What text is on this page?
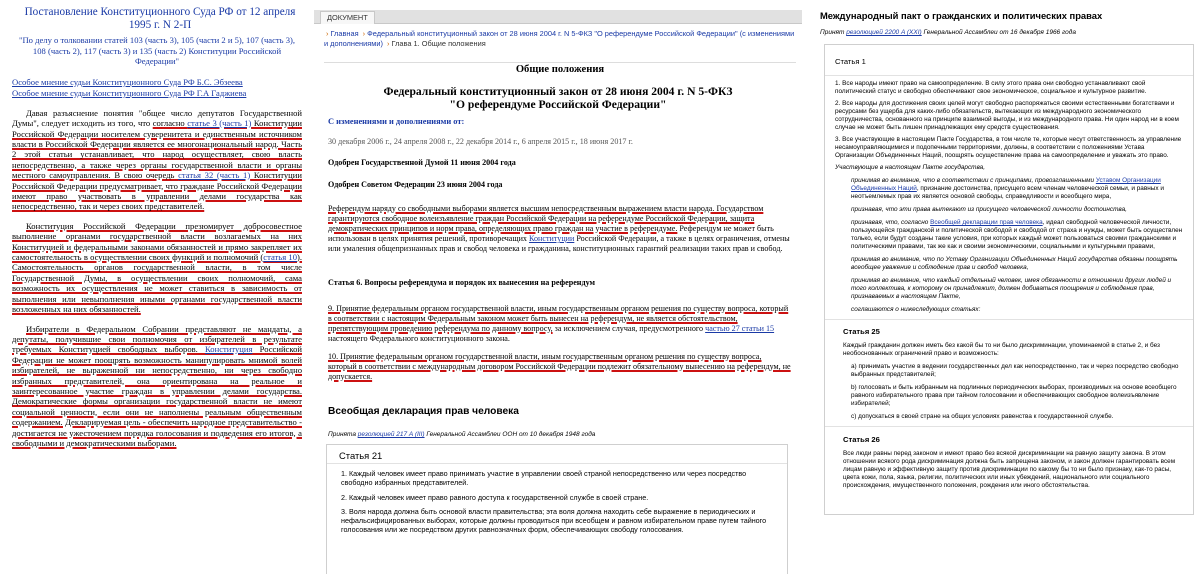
Постановление Конституционного Суда РФ от 12 апреля 1995 г. N 2-П
"По делу о толковании статей 103 (часть 3), 105 (части 2 и 5), 107 (часть 3), 108 (часть 2), 117 (часть 3) и 135 (часть 2) Конституции Российской Федерации"
Особое мнение судьи Конституционного Суда РФ Б.С. Эбзеева
Особое мнение судьи Конституционного Суда РФ Г.А Гаджиева

Давая разъяснение понятия "общее число депутатов Государственной Думы", следует исходить из того, что согласно статье 3 (часть 1) Конституции Российской Федерации носителем суверенитета и единственным источником власти в Российской Федерации является ее многонациональный народ. Часть 2 этой статьи устанавливает, что народ осуществляет, свою власть непосредственно, а также через органы государственной власти и органы местного самоуправления. В свою очередь статья 32 (часть 1) Конституции Российской Федерации предусматривает, что граждане Российской Федерации имеют право участвовать в управлении делами государства как непосредственно, так и через своих представителей.

Конституция Российской Федерации презюмирует добросовестное выполнение органами государственной власти возлагаемых на них Конституцией и федеральными законами обязанностей и прямо закрепляет их самостоятельность в осуществлении своих функций и полномочий (статья 10). Самостоятельность органов государственной власти, в том числе Государственной Думы, в осуществлении своих полномочий, сама возможность их осуществления не может ставиться в зависимость от выполнения или невыполнения иными органами государственной власти возложенных на них обязанностей.

Избиратели в Федеральном Собрании представляют не мандаты, а депутаты, получившие свои полномочия от избирателей в результате требуемых Конституцией свободных выборов. Конституция Российской Федерации не может поощрять возможность манипулировать мнимой волей избирателей, не выраженной ни непосредственно, ни через свободно избранных представителей, она ориентирована на реальное и заинтересованное участие граждан в управлении делами государства. Демократические формы организации государственной власти не имеют социальной ценности, если они не наполнены реальным общественным содержанием. Декларируемая цель - обеспечить народное представительство - достигается не ужесточением порядка голосования и подведения его итогов, а свободными и демократическими выборами.

ДОКУМЕНТ
› Главная › Федеральный конституционный закон от 28 июня 2004 г. N 5-ФКЗ "О референдуме Российской Федерации" (с изменениями и дополнениями) › Глава 1. Общие положения
Общие положения
Федеральный конституционный закон от 28 июня 2004 г. N 5-ФКЗ
"О референдуме Российской Федерации"
С изменениями и дополнениями от:
30 декабря 2006 г., 24 апреля 2008 г., 22 декабря 2014 г., 6 апреля 2015 г., 18 июня 2017 г.
Одобрен Государственной Думой 11 июня 2004 года
Одобрен Советом Федерации 23 июня 2004 года
Референдум наряду со свободными выборами является высшим непосредственным выражением власти народа. Государством гарантируются свободное волеизъявление граждан Российской Федерации на референдуме Российской Федерации, защита демократических принципов и норм права, определяющих право граждан на участие в референдуме. Референдум не может быть использован в целях принятия решений, противоречащих Конституции Российской Федерации, а также в целях ограничения, отмены или умаления общепризнанных прав и свобод человека и гражданина, конституционных гарантий реализации таких прав и свобод.
Статья 6. Вопросы референдума и порядок их вынесения на референдум
9. Принятие федеральным органом государственной власти, иным государственным органом решения по существу вопроса, который в соответствии с настоящим Федеральным законом может быть вынесен на референдум, не является обстоятельством, препятствующим проведению референдума по данному вопросу, за исключением случая, предусмотренного частью 27 статьи 15 настоящего Федерального конституционного закона.
10. Принятие федеральным органом государственной власти, иным государственным органом решения по существу вопроса, который в соответствии с международным договором Российской Федерации подлежит обязательному вынесению на референдум, не допускается.
Всеобщая декларация прав человека
Принята резолюцией 217 A (III) Генеральной Ассамблеи ООН от 10 декабря 1948 года
Статья 21

1. Каждый человек имеет право принимать участие в управлении своей страной непосредственно или через посредство свободно избранных представителей.

2. Каждый человек имеет право равного доступа к государственной службе в своей стране.

3. Воля народа должна быть основой власти правительства; эта воля должна находить себе выражение в периодических и нефальсифицированных выборах, которые должны проводиться при всеобщем и равном избирательном праве путем тайного голосования или же посредством других равнозначных форм, обеспечивающих свободу голосования.

Международный пакт о гражданских и политических правах
Принят резолюцией 2200 A (XXI) Генеральной Ассамблеи от 16 декабря 1966 года
Статья 1

1. Все народы имеют право на самоопределение. В силу этого права они свободно устанавливают свой политический статус и свободно обеспечивают свое экономическое, социальное и культурное развитие.

2. Все народы для достижения своих целей могут свободно распоряжаться своими естественными богатствами и ресурсами без ущерба для каких-либо обязательств, вытекающих из международного экономического сотрудничества, основанного на принципе взаимной выгоды, и из международного права. Ни один народ ни в коем случае не может быть лишен принадлежащих ему средств существования.

3. Все участвующие в настоящем Пакте Государства, в том числе те, которые несут ответственность за управление несамоуправляющимися и подопечными территориями, должны, в соответствии с положениями Устава Организации Объединенных Наций, поощрять осуществление права на самоопределение и уважать это право.

Участвующие в настоящем Пакте государства,
принимая во внимание, что в соответствии с принципами, провозглашенными Уставом Организации Объединенных Наций, признание достоинства, присущего всем членам человеческой семьи, и равных и неотъемлемых прав их является основой свободы, справедливости и всеобщего мира,
признавая, что эти права вытекают из присущего человеческой личности достоинства,
признавая, что, согласно Всеобщей декларации прав человека, идеал свободной человеческой личности, пользующейся гражданской и политической свободой и свободой от страха и нужды, может быть осуществлен только, если будут созданы такие условия, при которых каждый может пользоваться своими гражданскими и политическими правами, так же как и своими экономическими, социальными и культурными правами,
принимая во внимание, что по Уставу Организации Объединенных Наций государства обязаны поощрять всеобщее уважение и соблюдение прав и свобод человека,
принимая во внимание, что каждый отдельный человек, имея обязанности в отношении других людей и того коллектива, к которому он принадлежит, должен добиваться поощрения и соблюдения прав, признаваемых в настоящем Пакте,
соглашаются о нижеследующих статьях:
Статья 25

Каждый гражданин должен иметь без какой бы то ни было дискриминации, упоминаемой в статье 2, и без необоснованных ограничений право и возможность:

a) принимать участие в ведении государственных дел как непосредственно, так и через посредство свободно выбранных представителей;
b) голосовать и быть избранным на подлинных периодических выборах, производимых на основе всеобщего равного избирательного права при тайном голосовании и обеспечивающих свободное волеизъявление избирателей;
c) допускаться в своей стране на общих условиях равенства к государственной службе.
Статья 26

Все люди равны перед законом и имеют право без всякой дискриминации на равную защиту закона. В этом отношении всякого рода дискриминация должна быть запрещена законом, и закон должен гарантировать всем лицам равную и эффективную защиту против дискриминации по какому бы то ни было признаку, как-то расы, цвета кожи, пола, языка, религии, политических или иных убеждений, национального или социального происхождения, имущественного положения, рождения или иного обстоятельства.
